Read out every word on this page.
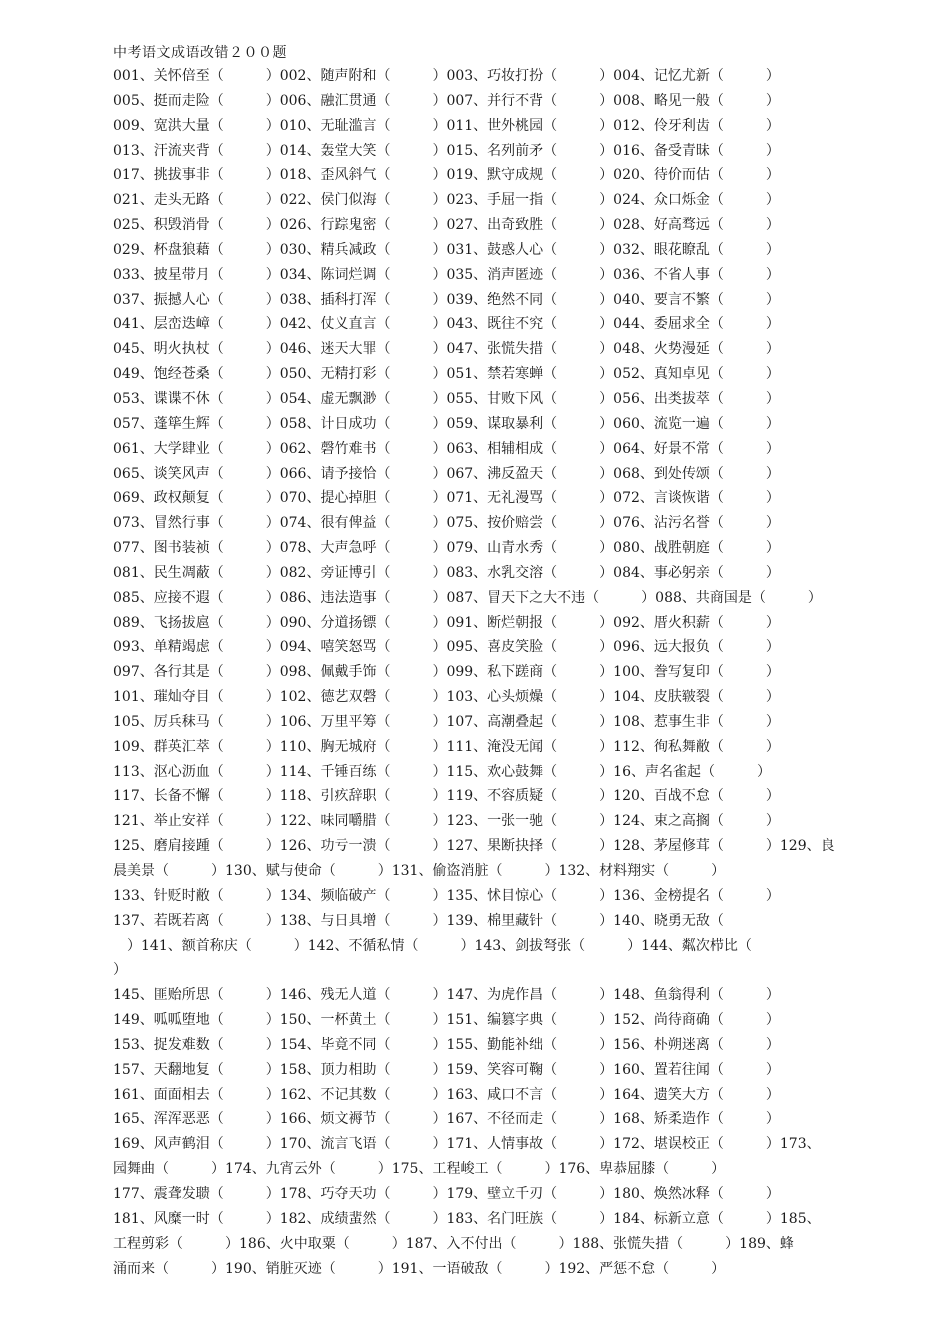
中考语文成语改错２００题
001、关怀倍至（　　　）002、随声附和（　　　）003、巧妆打扮（　　　）004、记忆尤新（　　　）
005、挺而走险（　　　）006、融汇贯通（　　　）007、并行不背（　　　）008、略见一般（　　　）
009、宽洪大量（　　　）010、无耻滥言（　　　）011、世外桃园（　　　）012、伶牙利齿（　　　）
013、汗流夹背（　　　）014、轰堂大笑（　　　）015、名列前矛（　　　）016、备受青昧（　　　）
017、挑拔事非（　　　）018、歪风斜气（　　　）019、默守成规（　　　）020、待价而估（　　　）
021、走头无路（　　　）022、侯门似海（　　　）023、手屈一指（　　　）024、众口烁金（　　　）
025、积毁消骨（　　　）026、行踪鬼密（　　　）027、出奇致胜（　　　）028、好高骛远（　　　）
029、杯盘狼藉（　　　）030、精兵减政（　　　）031、鼓惑人心（　　　）032、眼花瞭乱（　　　）
033、披星带月（　　　）034、陈词烂调（　　　）035、消声匿迹（　　　）036、不省人事（　　　）
037、振撼人心（　　　）038、插科打浑（　　　）039、绝然不同（　　　）040、要言不繁（　　　）
041、层峦迭嶂（　　　）042、仗义直言（　　　）043、既往不究（　　　）044、委屈求全（　　　）
045、明火执杖（　　　）046、迷天大罪（　　　）047、张慌失措（　　　）048、火势漫延（　　　）
049、饱经苍桑（　　　）050、无精打彩（　　　）051、禁若寒蝉（　　　）052、真知卓见（　　　）
053、谍谍不休（　　　）054、虚无飘渺（　　　）055、甘败下风（　　　）056、出类拔萃（　　　）
057、蓬筚生辉（　　　）058、计日成功（　　　）059、谋取暴利（　　　）060、流览一遍（　　　）
061、大学肆业（　　　）062、磬竹难书（　　　）063、相辅相成（　　　）064、好景不常（　　　）
065、谈笑风声（　　　）066、请予接恰（　　　）067、沸反盈天（　　　）068、到处传颂（　　　）
069、政权颠复（　　　）070、提心掉胆（　　　）071、无礼漫骂（　　　）072、言谈恢谐（　　　）
073、冒然行事（　　　）074、很有俾益（　　　）075、按价赔尝（　　　）076、沾污名誉（　　　）
077、图书装祯（　　　）078、大声急呼（　　　）079、山青水秀（　　　）080、战胜朝庭（　　　）
081、民生凋蔽（　　　）082、旁证博引（　　　）083、水乳交溶（　　　）084、事必躬亲（　　　）
085、应接不遐（　　　）086、违法造事（　　　）087、冒天下之大不违（　　　）088、共商国是（　　　）
089、飞扬拔扈（　　　）090、分道扬镖（　　　）091、断烂朝报（　　　）092、厝火积薪（　　　）
093、单精竭虑（　　　）094、嘻笑怒骂（　　　）095、喜皮笑脸（　　　）096、远大报负（　　　）
097、各行其是（　　　）098、佩戴手饰（　　　）099、私下蹉商（　　　）100、誊写复印（　　　）
101、璀灿夺目（　　　）102、德艺双磬（　　　）103、心头烦燥（　　　）104、皮肤皲裂（　　　）
105、厉兵秣马（　　　）106、万里平筹（　　　）107、高潮叠起（　　　）108、惹事生非（　　　）
109、群英汇萃（　　　）110、胸无城府（　　　）111、淹没无闻（　　　）112、徇私舞敝（　　　）
113、沤心沥血（　　　）114、千锤百练（　　　）115、欢心鼓舞（　　　）16、声名雀起（　　　）
117、长备不懈（　　　）118、引疚辞职（　　　）119、不容质疑（　　　）120、百战不怠（　　　）
121、举止安祥（　　　）122、味同嚼腊（　　　）123、一张一驰（　　　）124、束之高搁（　　　）
125、磨肩接踵（　　　）126、功亏一溃（　　　）127、果断抉择（　　　）128、茅屋修茸（　　　）129、良
晨美景（　　　）130、赋与使命（　　　）131、偷盗消脏（　　　）132、材料翔实（　　　）
133、针贬时敝（　　　）134、频临破产（　　　）135、怵目惊心（　　　）136、金榜提名（　　　）
137、若既若离（　　　）138、与日具增（　　　）139、棉里藏针（　　　）140、晓勇无敌（
　）141、额首称庆（　　　）142、不循私情（　　　）143、剑拔弩张（　　　）144、粼次栉比（
）
145、匪贻所思（　　　）146、残无人道（　　　）147、为虎作昌（　　　）148、鱼翁得利（　　　）
149、呱呱堕地（　　　）150、一杯黄土（　　　）151、编篡字典（　　　）152、尚待商确（　　　）
153、捉发难数（　　　）154、毕竟不同（　　　）155、勤能补绌（　　　）156、朴朔迷离（　　　）
157、天翻地复（　　　）158、顶力相助（　　　）159、笑容可鞠（　　　）160、置若往闻（　　　）
161、面面相去（　　　）162、不记其数（　　　）163、咸口不言（　　　）164、遗笑大方（　　　）
165、浑浑恶恶（　　　）166、烦文褥节（　　　）167、不径而走（　　　）168、矫柔造作（　　　）
169、风声鹤泪（　　　）170、流言飞语（　　　）171、人情事故（　　　）172、堪误校正（　　　）173、
园舞曲（　　　）174、九宵云外（　　　）175、工程峻工（　　　）176、卑恭屈膝（　　　）
177、震聋发聩（　　　）178、巧夺天功（　　　）179、壁立千刃（　　　）180、焕然冰释（　　　）
181、风糜一时（　　　）182、成绩蜚然（　　　）183、名门旺族（　　　）184、标新立意（　　　）185、
工程剪彩（　　　）186、火中取粟（　　　）187、入不付出（　　　）188、张慌失措（　　　）189、蜂
涌而来（　　　）190、销脏灭迹（　　　）191、一语破敌（　　　）192、严惩不怠（　　　）
